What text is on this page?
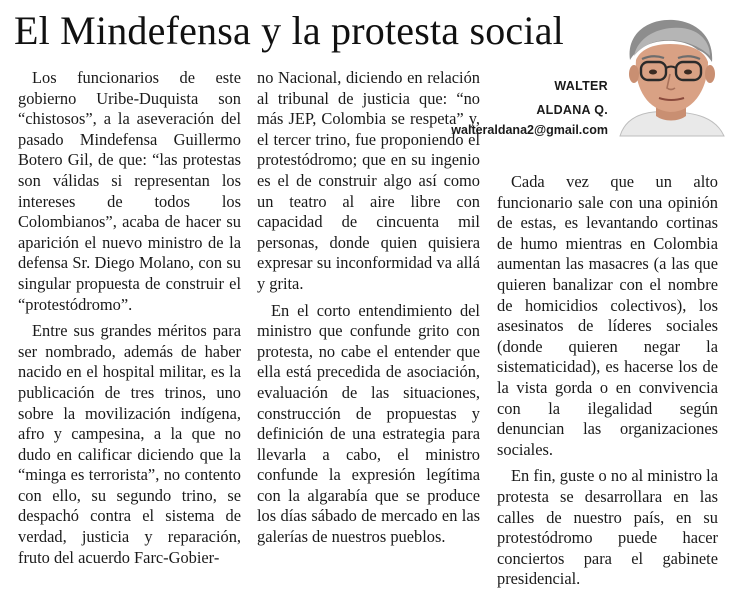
El Mindefensa y la protesta social
WALTER
ALDANA Q.
walteraldana2@gmail.com

Los funcionarios de este gobierno Uribe-Duquista son “chistosos”, a la aseveración del pasado Mindefensa Guillermo Botero Gil, de que: “las protestas son válidas si representan los intereses de todos los Colombianos”, acaba de hacer su aparición el nuevo ministro de la defensa Sr. Diego Molano, con su singular propuesta de construir el “protestódromo”.

Entre sus grandes méritos para ser nombrado, además de haber nacido en el hospital militar, es la publicación de tres trinos, uno sobre la movilización indígena, afro y campesina, a la que no dudo en calificar diciendo que la “minga es terrorista”, no contento con ello, su segundo trino, se despachó contra el sistema de verdad, justicia y reparación, fruto del acuerdo Farc-Gobier-

no Nacional, diciendo en relación al tribunal de justicia que: “no más JEP, Colombia se respeta” y, el tercer trino, fue proponiendo el protestódromo; que en su ingenio es el de construir algo así como un teatro al aire libre con capacidad de cincuenta mil personas, donde quien quisiera expresar su inconformidad va allá y grita.

En el corto entendimiento del ministro que confunde grito con protesta, no cabe el entender que ella está precedida de asociación, evaluación de las situaciones, construcción de propuestas y definición de una estrategia para llevarla a cabo, el ministro confunde la expresión legítima con la algarabía que se produce los días sábado de mercado en las galerías de nuestros pueblos.

Cada vez que un alto funcionario sale con una opinión de estas, es levantando cortinas de humo mientras en Colombia aumentan las masacres (a las que quieren banalizar con el nombre de homicidios colectivos), los asesinatos de líderes sociales (donde quieren negar la sistematicidad), es hacerse los de la vista gorda o en convivencia con la ilegalidad según denuncian las organizaciones sociales.

En fin, guste o no al ministro la protesta se desarrollara en las calles de nuestro país, en su protestódromo puede hacer conciertos para el gabinete presidencial.
